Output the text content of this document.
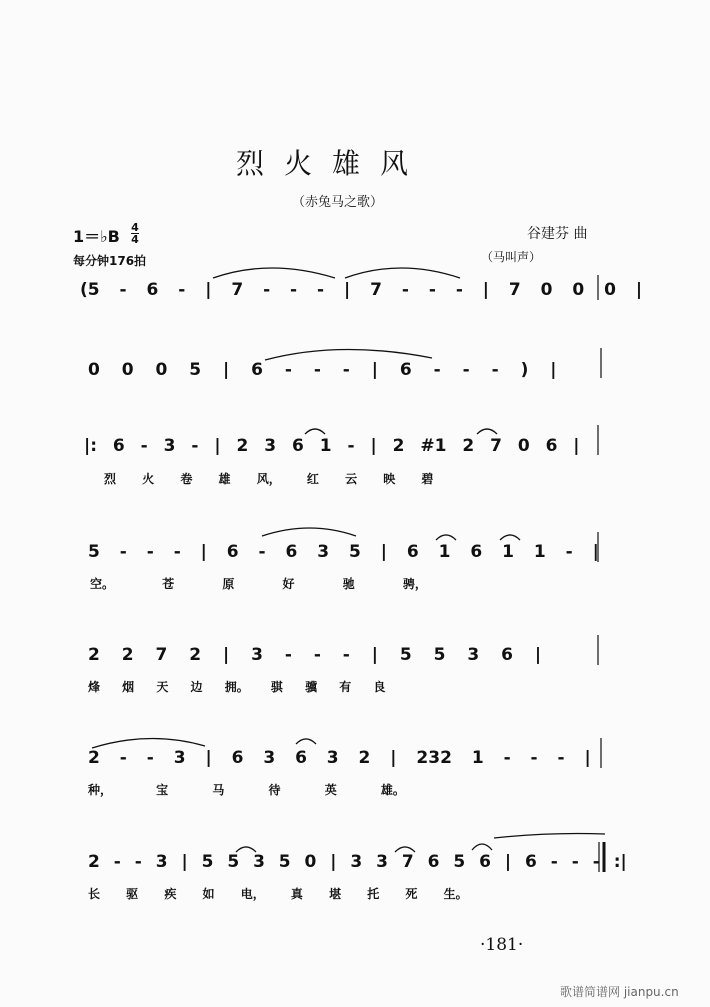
烈火雄风
（赤兔马之歌）
1＝♭B 4
4
每分钟176拍
谷建芬 曲
（马叫声）
(5 - 6 - | 7 - - - | 7 - - - | 7 0 0 0 |
0 0 0 5 | 6 - - - | 6 - - - ) |
|: 6 - 3 - | 2 3 6 1 - | 2 #1 2 7 0 6 |
烈 火 卷 雄 风， 红 云 映 碧
5 - - - | 6 - 6 3 5 | 6 1 6 1 1 - |
空。 苍 原 好 驰 骋，
2 2 7 2 | 3 - - - | 5 5 3 6 |
烽 烟 天 边 拥。 骐 骥 有 良
2 - - 3 | 6 3 6 3 2 | 232 1 - - - |
种， 宝 马 待 英 雄。
2 - - 3 | 5 5 3 5 0 | 3 3 7 6 5 6 | 6 - - - :|
长 驱 疾 如 电， 真 堪 托 死 生。
·181·
歌谱简谱网 jianpu.cn
